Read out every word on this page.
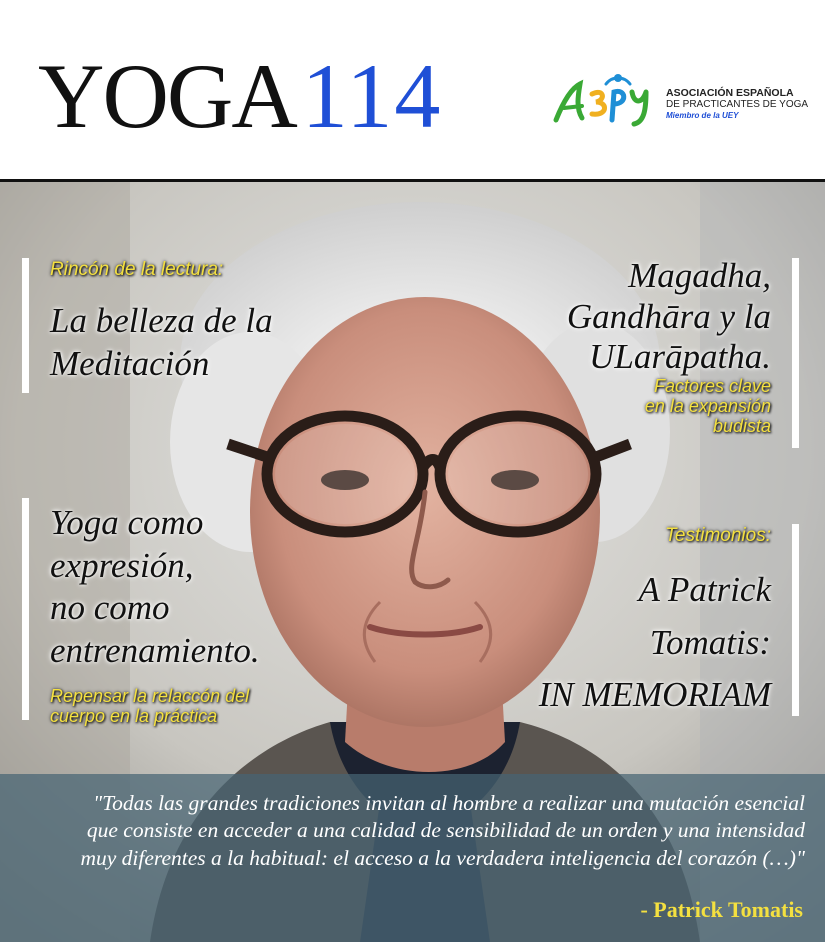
YOGA114	ASOCIACIÓN ESPAÑOLA
DE PRACTICANTES DE YOGA
Miembro de la UEY
Rincón de la lectura:
La belleza de la
Meditación
Magadha,
Gandhāra y la
ULarāpatha.
Factores clave
en la expansión
budista
Yoga como
expresión,
no como
entrenamiento.
Repensar la relaccón del
cuerpo en la práctica
Testimonios:
A Patrick
Tomatis:
IN MEMORIAM
"Todas las grandes tradiciones invitan al hombre a realizar una mutación esencial
que consiste en acceder a una calidad de sensibilidad de un orden y una intensidad
muy diferentes a la habitual: el acceso a la verdadera inteligencia del corazón (…)"
- Patrick Tomatis
